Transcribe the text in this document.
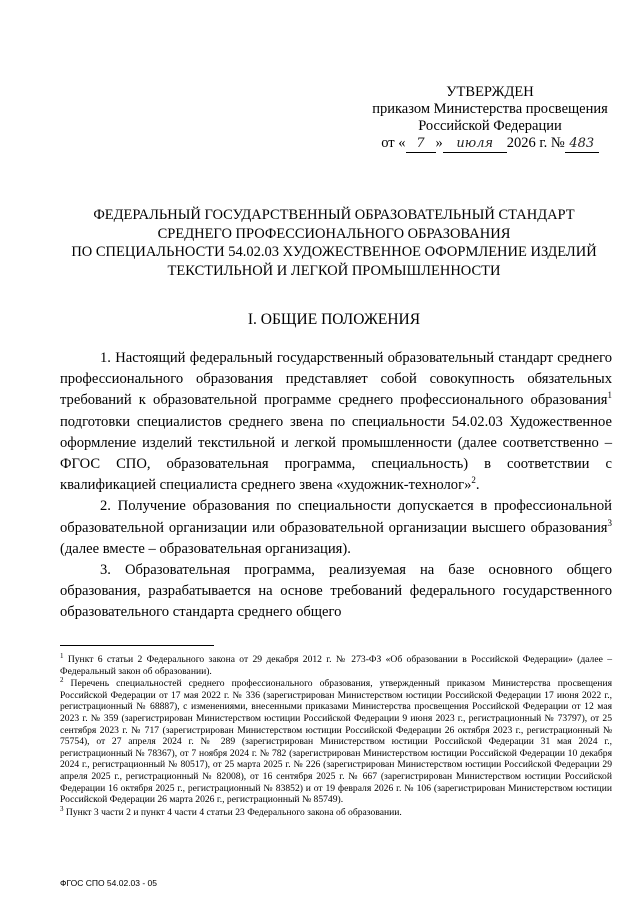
УТВЕРЖДЕН
приказом Министерства просвещения
Российской Федерации
от « 7 » июля 2026 г. № 483
ФЕДЕРАЛЬНЫЙ ГОСУДАРСТВЕННЫЙ ОБРАЗОВАТЕЛЬНЫЙ СТАНДАРТ
СРЕДНЕГО ПРОФЕССИОНАЛЬНОГО ОБРАЗОВАНИЯ
ПО СПЕЦИАЛЬНОСТИ 54.02.03 ХУДОЖЕСТВЕННОЕ ОФОРМЛЕНИЕ ИЗДЕЛИЙ
ТЕКСТИЛЬНОЙ И ЛЕГКОЙ ПРОМЫШЛЕННОСТИ
I. ОБЩИЕ ПОЛОЖЕНИЯ

1. Настоящий федеральный государственный образовательный стандарт среднего профессионального образования представляет собой совокупность обязательных требований к образовательной программе среднего профессионального образования$^1$ подготовки специалистов среднего звена по специальности 54.02.03 Художественное оформление изделий текстильной и легкой промышленности (далее соответственно – ФГОС СПО, образовательная программа, специальность) в соответствии с квалификацией специалиста среднего звена «художник-технолог»$^2$.

2. Получение образования по специальности допускается в профессиональной образовательной организации или образовательной организации высшего образования$^3$ (далее вместе – образовательная организация).

3. Образовательная программа, реализуемая на базе основного общего образования, разрабатывается на основе требований федерального государственного образовательного стандарта среднего общего

$^1$ Пункт 6 статьи 2 Федерального закона от 29 декабря 2012 г. № 273-ФЗ «Об образовании в Российской Федерации» (далее – Федеральный закон об образовании).

$^2$ Перечень специальностей среднего профессионального образования, утвержденный приказом Министерства просвещения Российской Федерации от 17 мая 2022 г. № 336 (зарегистрирован Министерством юстиции Российской Федерации 17 июня 2022 г., регистрационный № 68887), с изменениями, внесенными приказами Министерства просвещения Российской Федерации от 12 мая 2023 г. № 359 (зарегистрирован Министерством юстиции Российской Федерации 9 июня 2023 г., регистрационный № 73797), от 25 сентября 2023 г. № 717 (зарегистрирован Министерством юстиции Российской Федерации 26 октября 2023 г., регистрационный № 75754), от 27 апреля 2024 г. № 289 (зарегистрирован Министерством юстиции Российской Федерации 31 мая 2024 г., регистрационный № 78367), от 7 ноября 2024 г. № 782 (зарегистрирован Министерством юстиции Российской Федерации 10 декабря 2024 г., регистрационный № 80517), от 25 марта 2025 г. № 226 (зарегистрирован Министерством юстиции Российской Федерации 29 апреля 2025 г., регистрационный № 82008), от 16 сентября 2025 г. № 667 (зарегистрирован Министерством юстиции Российской Федерации 16 октября 2025 г., регистрационный № 83852) и от 19 февраля 2026 г. № 106 (зарегистрирован Министерством юстиции Российской Федерации 26 марта 2026 г., регистрационный № 85749).

$^3$ Пункт 3 части 2 и пункт 4 части 4 статьи 23 Федерального закона об образовании.

ФГОС СПО 54.02.03 - 05
